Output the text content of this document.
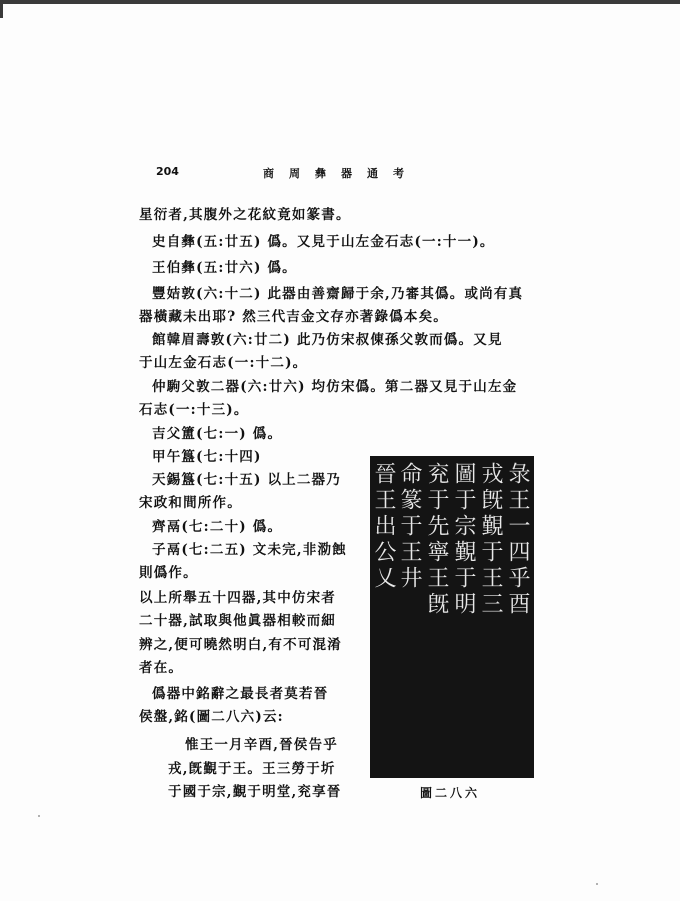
204	商周彝器通考
星衍者,其腹外之花紋竟如篆書。
史自彝(五:廿五) 僞。又見于山左金石志(一:十一)。
王伯彝(五:廿六) 僞。
豐姞敦(六:十二) 此器由善齋歸于余,乃審其僞。或尚有真
器橫藏未出耶? 然三代吉金文存亦著錄僞本矣。
館韓眉壽敦(六:廿二) 此乃仿宋叔倲孫父敦而僞。又見
于山左金石志(一:十二)。
仲駒父敦二器(六:廿六) 均仿宋僞。第二器又見于山左金
石志(一:十三)。
吉父簠(七:一) 僞。
甲午簋(七:十四)
天錫簋(七:十五) 以上二器乃
宋政和間所作。
齊鬲(七:二十) 僞。
子鬲(七:二五) 文未完,非泐蝕
則僞作。
以上所舉五十四器,其中仿宋者
二十器,試取與他眞器相較而細
辨之,便可曉然明白,有不可混淆
者在。
僞器中銘辭之最長者莫若晉
侯盤,銘(圖二八六)云:
惟王一月辛酉,晉侯告乎
戎,旣覲于王。王三勞于圻
于國于宗,覲于明堂,兖享晉
彔王一四乎酉
戎旣覲于王三
圖于宗覲于明
兖于先寧王旣
命篆于王井
晉王出公乂
圖二八六
